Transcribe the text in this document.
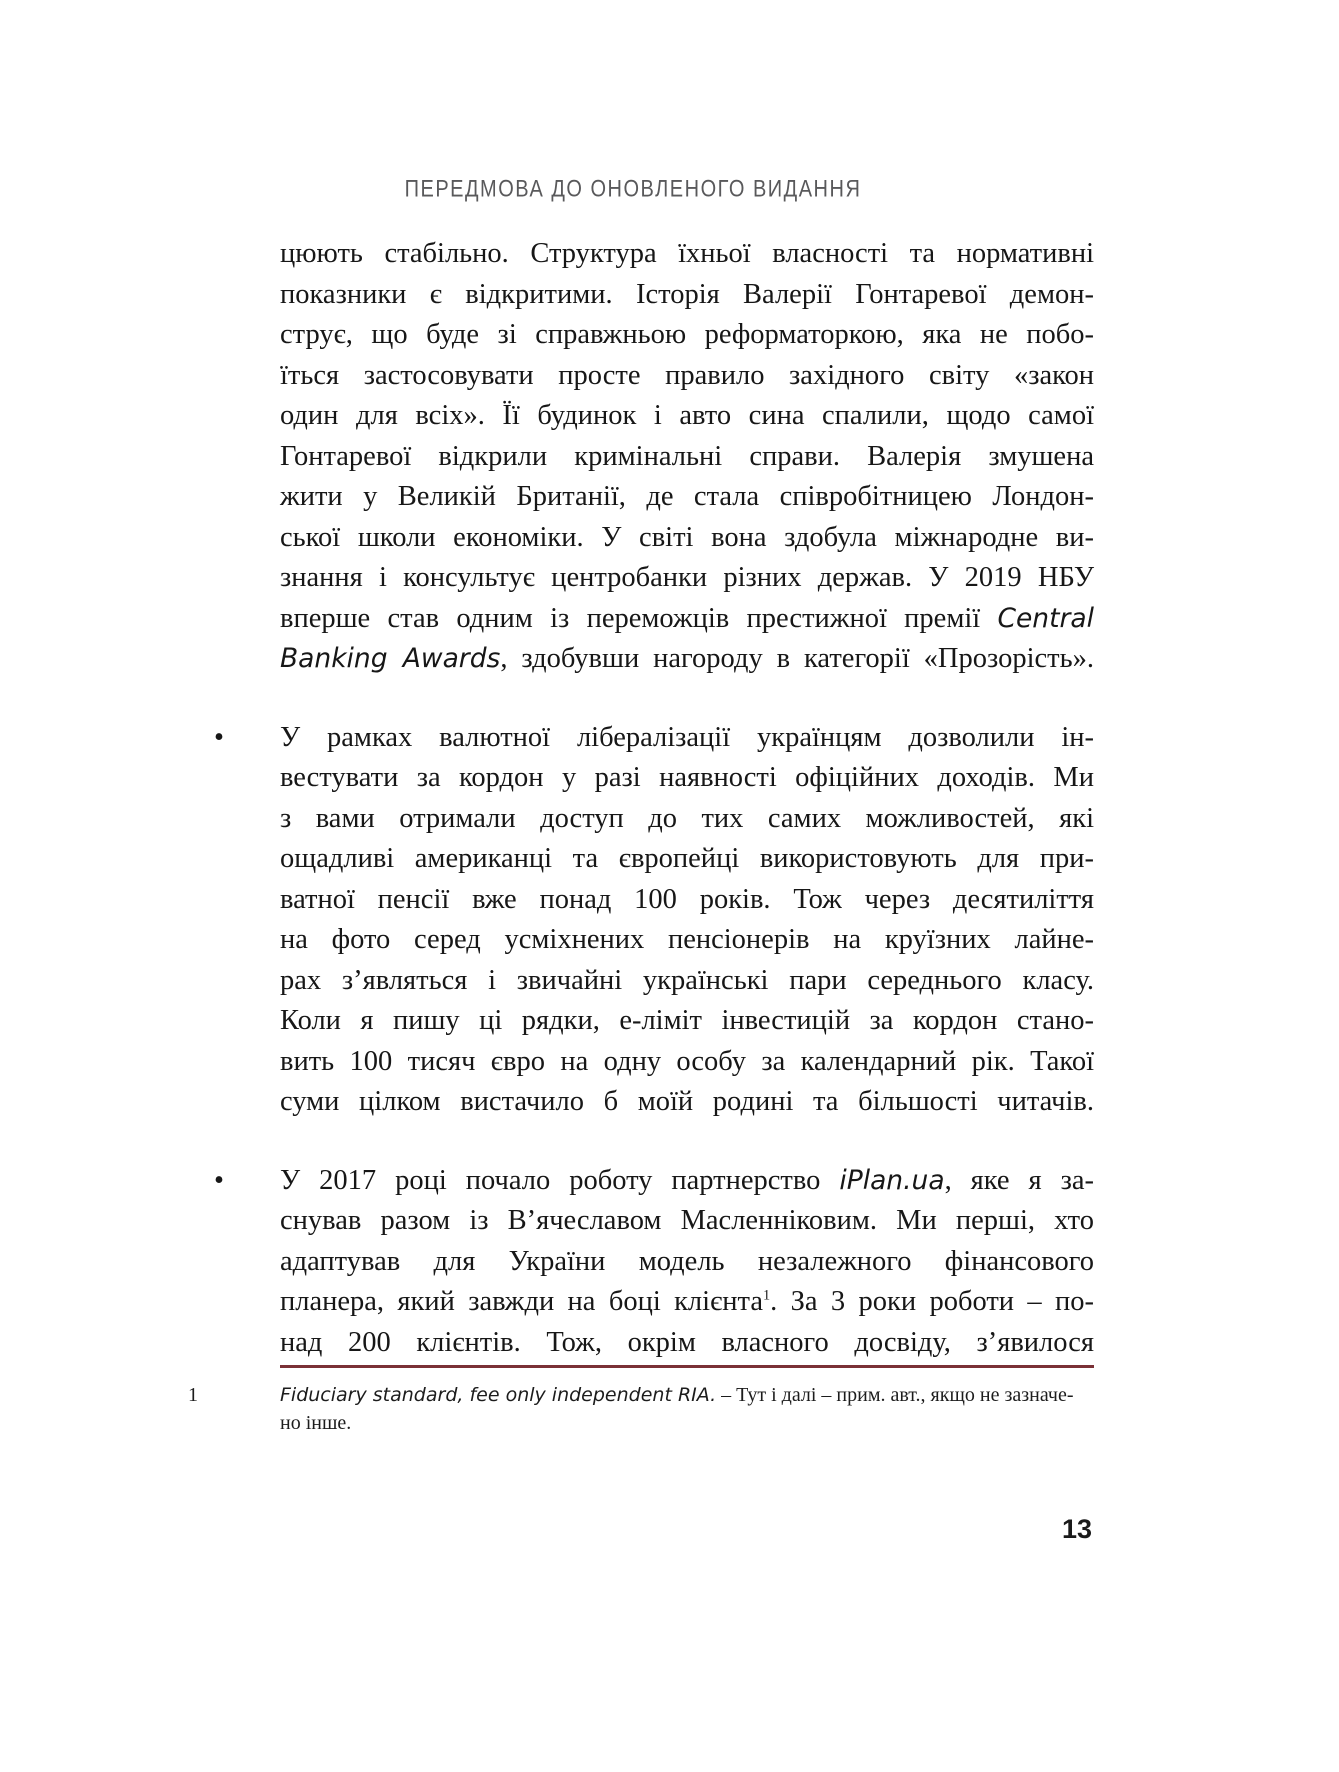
ПЕРЕДМОВА ДО ОНОВЛЕНОГО ВИДАННЯ
цюють стабільно. Структура їхньої власності та нормативні
показники є відкритими. Історія Валерії Гонтаревої демон-
струє, що буде зі справжньою реформаторкою, яка не побо-
їться застосовувати просте правило західного світу «закон
один для всіх». Її будинок і авто сина спалили, щодо самої
Гонтаревої відкрили кримінальні справи. Валерія змушена
жити у Великій Британії, де стала співробітницею Лондон-
ської школи економіки. У світі вона здобула міжнародне ви-
знання і консультує центробанки різних держав. У 2019 НБУ
вперше став одним із переможців престижної премії Central
Banking Awards, здобувши нагороду в категорії «Прозорість».
• У рамках валютної лібералізації українцям дозволили ін-
вестувати за кордон у разі наявності офіційних доходів. Ми
з вами отримали доступ до тих самих можливостей, які
ощадливі американці та європейці використовують для при-
ватної пенсії вже понад 100 років. Тож через десятиліття
на фото серед усміхнених пенсіонерів на круїзних лайне-
рах з’являться і звичайні українські пари середнього класу.
Коли я пишу ці рядки, е-ліміт інвестицій за кордон стано-
вить 100 тисяч євро на одну особу за календарний рік. Такої
суми цілком вистачило б моїй родині та більшості читачів.
• У 2017 році почало роботу партнерство iPlan.ua, яке я за-
снував разом із В’ячеславом Масленніковим. Ми перші, хто
адаптував для України модель незалежного фінансового
планера, який завжди на боці клієнта$^1$. За 3 роки роботи – по-
над 200 клієнтів. Тож, окрім власного досвіду, з’явилося
1	Fiduciary standard, fee only independent RIA. – Тут і далі – прим. авт., якщо не зазначе-
но інше.
13
